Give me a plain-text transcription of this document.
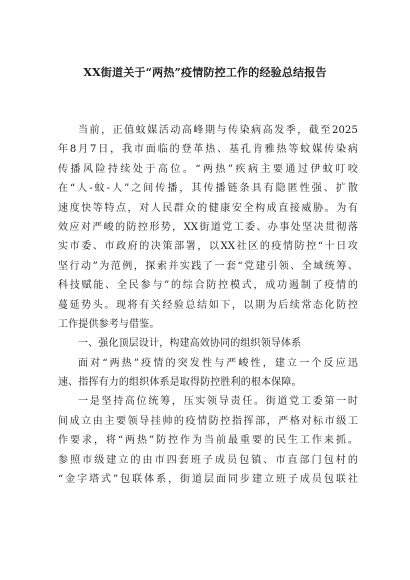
XX街道关于“两热”疫情防控工作的经验总结报告
当前，正值蚊媒活动高峰期与传染病高发季，截至2025
年8月7日，我市面临的登革热、基孔肯雅热等蚊媒传染病
传播风险持续处于高位。“两热”疾病主要通过伊蚊叮咬
在“人-蚊-人”之间传播，其传播链条具有隐匿性强、扩散
速度快等特点，对人民群众的健康安全构成直接威胁。为有
效应对严峻的防控形势，XX街道党工委、办事处坚决贯彻落
实市委、市政府的决策部署，以XX社区的疫情防控“十日攻
坚行动”为范例，探索并实践了一套“党建引领、全域统筹、
科技赋能、全民参与”的综合防控模式，成功遏制了疫情的
蔓延势头。现将有关经验总结如下，以期为后续常态化防控
工作提供参考与借鉴。
一、强化顶层设计，构建高效协同的组织领导体系
面对“两热”疫情的突发性与严峻性，建立一个反应迅
速、指挥有力的组织体系是取得防控胜利的根本保障。
一是坚持高位统筹，压实领导责任。街道党工委第一时
间成立由主要领导挂帅的疫情防控指挥部，严格对标市级工
作要求，将“两热”防控作为当前最重要的民生工作来抓。
参照市级建立的由市四套班子成员包镇、市直部门包村的
“金字塔式”包联体系，街道层面同步建立班子成员包联社
